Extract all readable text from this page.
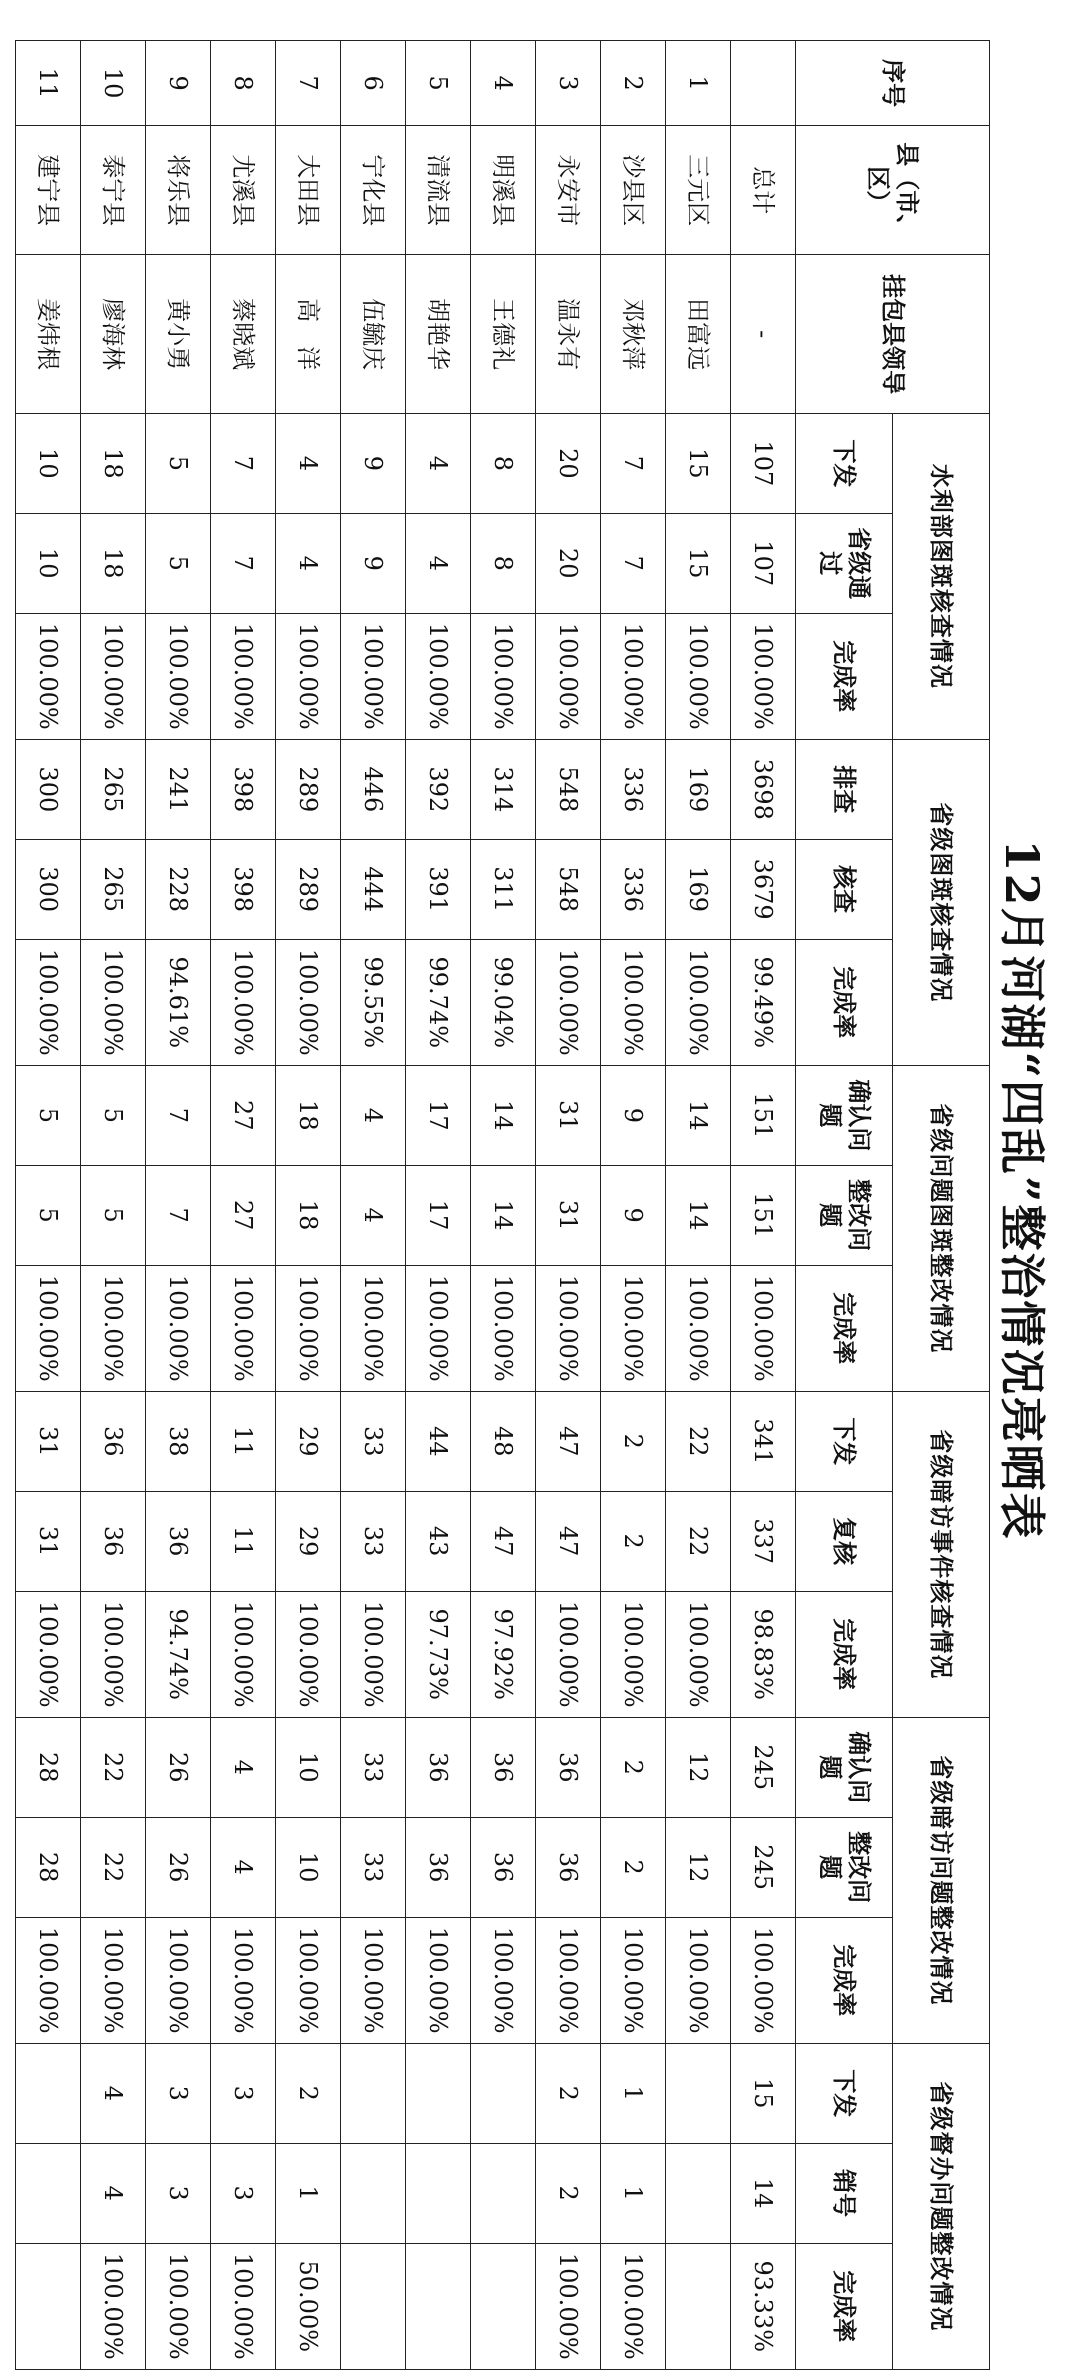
12月河湖“四乱”整治情况亮晒表
序号	县（市、区）	挂包县领导	水利部图斑核查情况			省级图斑核查情况			省级问题图斑整改情况			省级暗访事件核查情况			省级暗访问题整改情况			省级督办问题整改情况		
			下发	省级通过	完成率	排查	核查	完成率	确认问题	整改问题	完成率	下发	复核	完成率	确认问题	整改问题	完成率	下发	销号	完成率
	总计	-	107	107	100.00%	3698	3679	99.49%	151	151	100.00%	341	337	98.83%	245	245	100.00%	15	14	93.33%
1	三元区	田富远	15	15	100.00%	169	169	100.00%	14	14	100.00%	22	22	100.00%	12	12	100.00%			
2	沙县区	邓秋萍	7	7	100.00%	336	336	100.00%	9	9	100.00%	2	2	100.00%	2	2	100.00%	1	1	100.00%
3	永安市	温永有	20	20	100.00%	548	548	100.00%	31	31	100.00%	47	47	100.00%	36	36	100.00%	2	2	100.00%
4	明溪县	王德礼	8	8	100.00%	314	311	99.04%	14	14	100.00%	48	47	97.92%	36	36	100.00%			
5	清流县	胡艳华	4	4	100.00%	392	391	99.74%	17	17	100.00%	44	43	97.73%	36	36	100.00%			
6	宁化县	伍毓庆	9	9	100.00%	446	444	99.55%	4	4	100.00%	33	33	100.00%	33	33	100.00%			
7	大田县	高　洋	4	4	100.00%	289	289	100.00%	18	18	100.00%	29	29	100.00%	10	10	100.00%	2	1	50.00%
8	尤溪县	蔡晓斌	7	7	100.00%	398	398	100.00%	27	27	100.00%	11	11	100.00%	4	4	100.00%	3	3	100.00%
9	将乐县	黄小勇	5	5	100.00%	241	228	94.61%	7	7	100.00%	38	36	94.74%	26	26	100.00%	3	3	100.00%
10	泰宁县	廖海林	18	18	100.00%	265	265	100.00%	5	5	100.00%	36	36	100.00%	22	22	100.00%	4	4	100.00%
11	建宁县	姜炜根	10	10	100.00%	300	300	100.00%	5	5	100.00%	31	31	100.00%	28	28	100.00%			
